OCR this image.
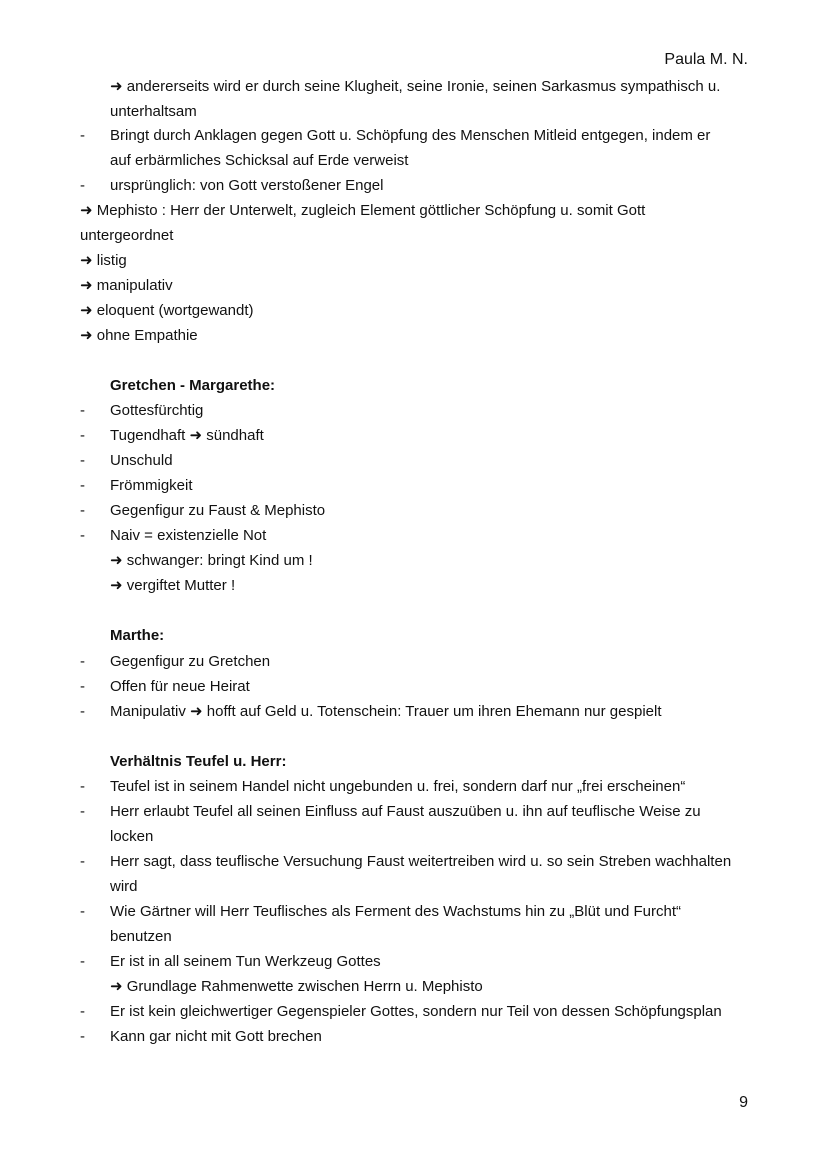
Paula M. N.
➜ andererseits wird er durch seine Klugheit, seine Ironie, seinen Sarkasmus sympathisch u.
unterhaltsam
- Bringt durch Anklagen gegen Gott u. Schöpfung des Menschen Mitleid entgegen, indem er
auf erbärmliches Schicksal auf Erde verweist
- ursprünglich: von Gott verstoßener Engel
➜ Mephisto : Herr der Unterwelt, zugleich Element göttlicher Schöpfung u. somit Gott
untergeordnet
➜ listig
➜ manipulativ
➜ eloquent (wortgewandt)
➜ ohne Empathie
Gretchen - Margarethe:
- Gottesfürchtig
- Tugendhaft ➜ sündhaft
- Unschuld
- Frömmigkeit
- Gegenfigur zu Faust & Mephisto
- Naiv = existenzielle Not
➜ schwanger: bringt Kind um !
➜ vergiftet Mutter !
Marthe:
- Gegenfigur zu Gretchen
- Offen für neue Heirat
- Manipulativ ➜ hofft auf Geld u. Totenschein: Trauer um ihren Ehemann nur gespielt
Verhältnis Teufel u. Herr:
- Teufel ist in seinem Handel nicht ungebunden u. frei, sondern darf nur „frei erscheinen“
- Herr erlaubt Teufel all seinen Einfluss auf Faust auszuüben u. ihn auf teuflische Weise zu
locken
- Herr sagt, dass teuflische Versuchung Faust weitertreiben wird u. so sein Streben wachhalten
wird
- Wie Gärtner will Herr Teuflisches als Ferment des Wachstums hin zu „Blüt und Furcht“
benutzen
- Er ist in all seinem Tun Werkzeug Gottes
➜ Grundlage Rahmenwette zwischen Herrn u. Mephisto
- Er ist kein gleichwertiger Gegenspieler Gottes, sondern nur Teil von dessen Schöpfungsplan
- Kann gar nicht mit Gott brechen
9
